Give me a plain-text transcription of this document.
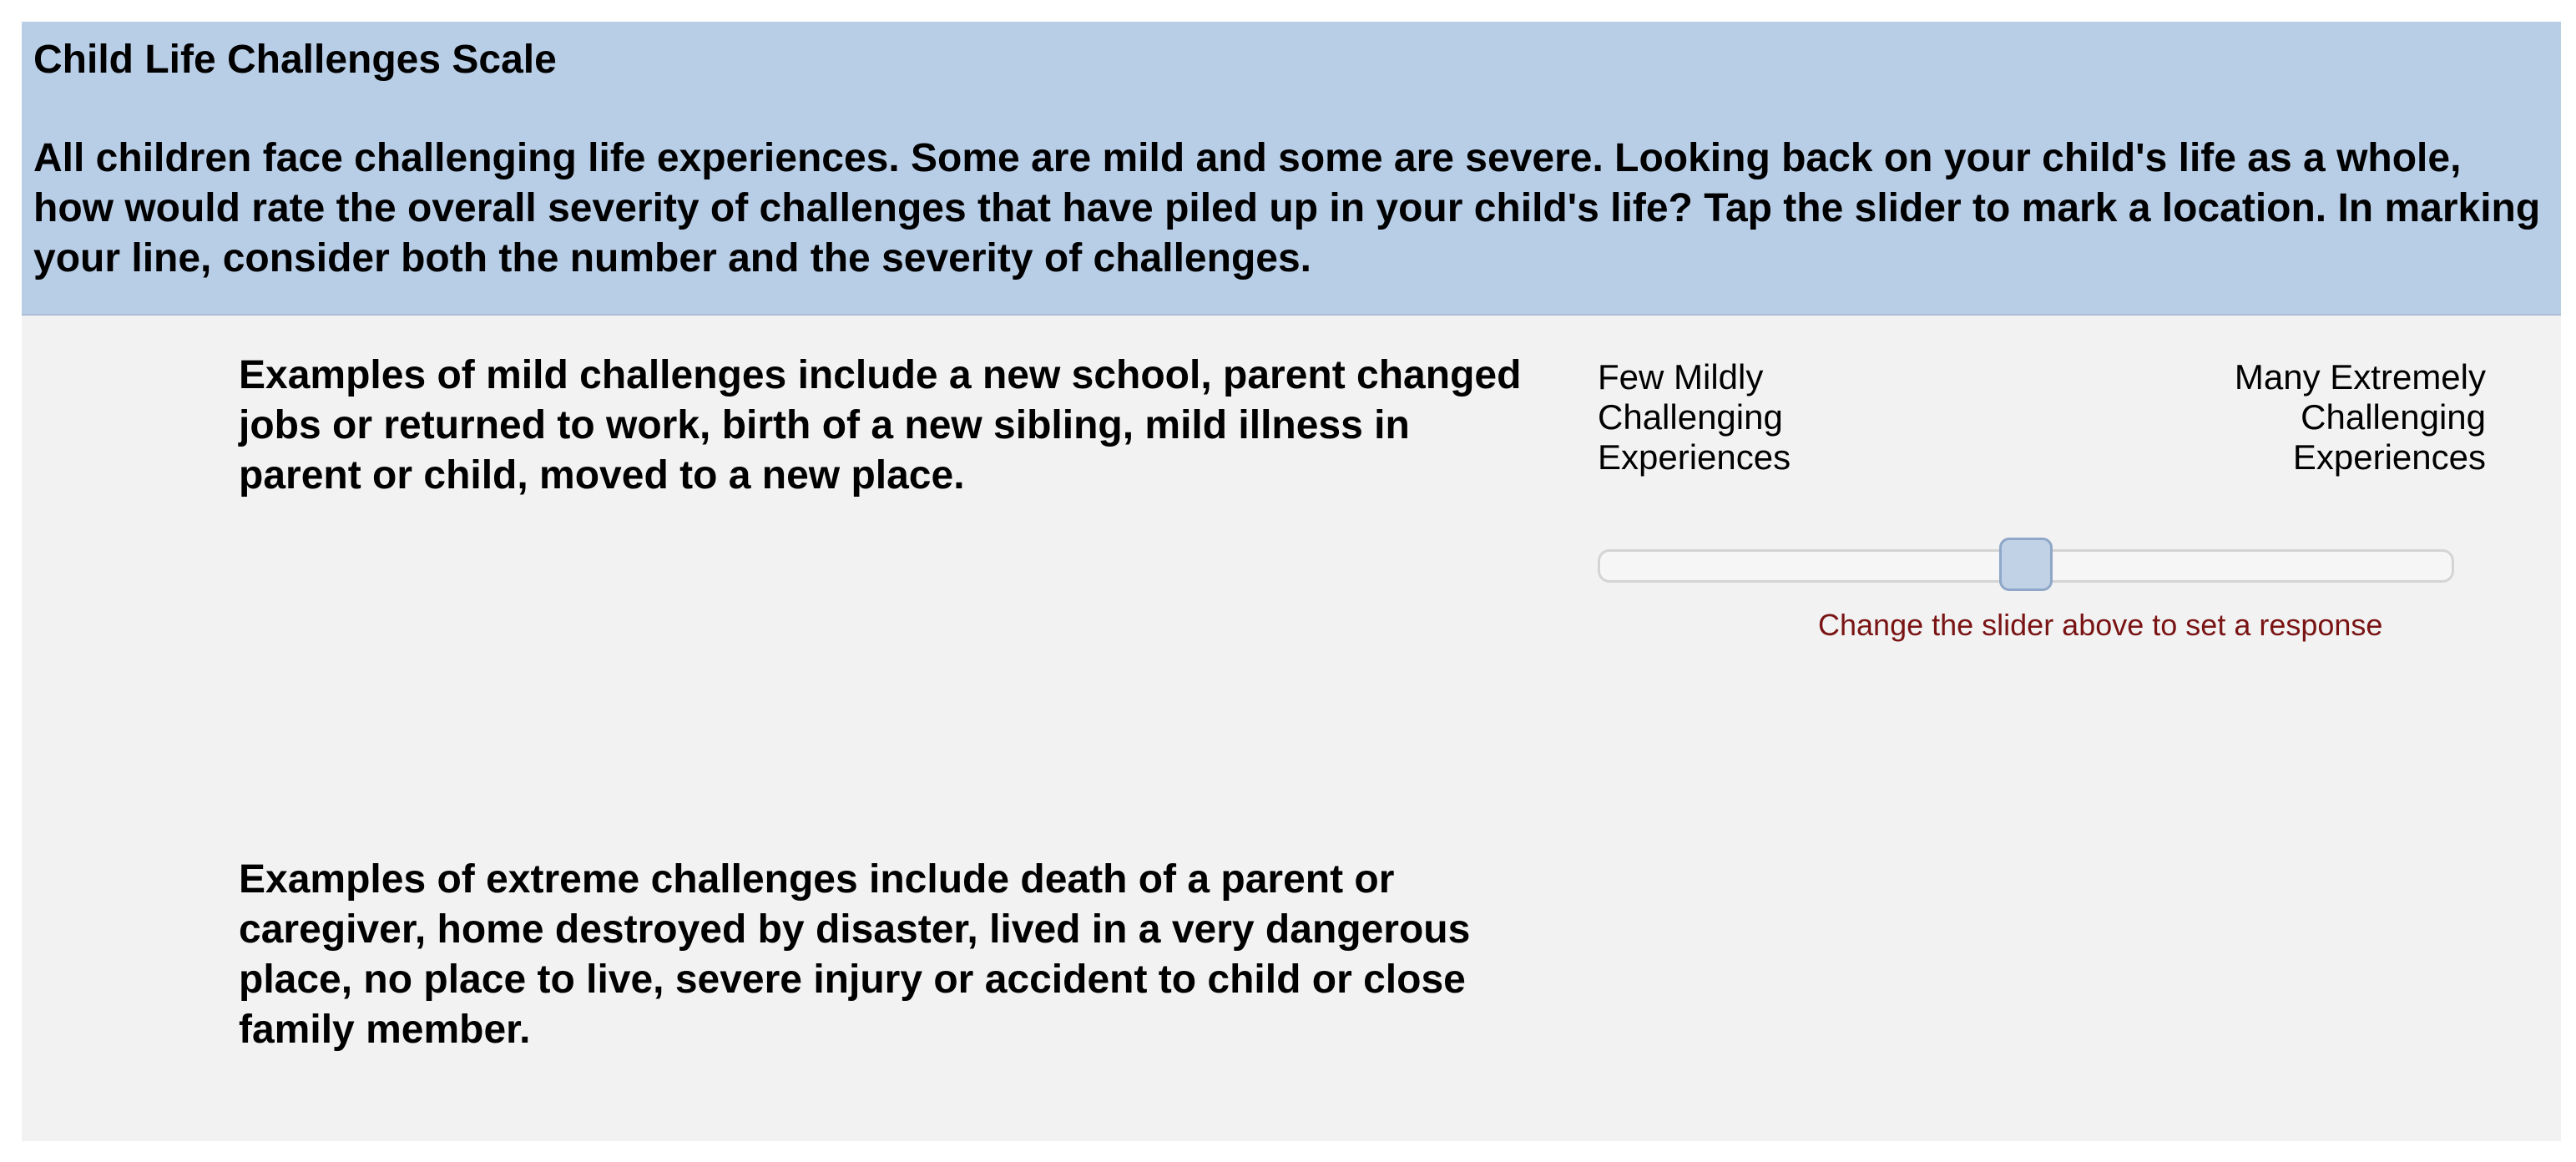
Child Life Challenges Scale
All children face challenging life experiences. Some are mild and some are severe. Looking back on your child's life as a whole, how would rate the overall severity of challenges that have piled up in your child's life? Tap the slider to mark a location. In marking your line, consider both the number and the severity of challenges.
Examples of mild challenges include a new school, parent changed jobs or returned to work, birth of a new sibling, mild illness in parent or child, moved to a new place.
Examples of extreme challenges include death of a parent or caregiver, home destroyed by disaster, lived in a very dangerous place, no place to live, severe injury or accident to child or close family member.
Few Mildly
Challenging
Experiences
Many Extremely
Challenging
Experiences
Change the slider above to set a response
